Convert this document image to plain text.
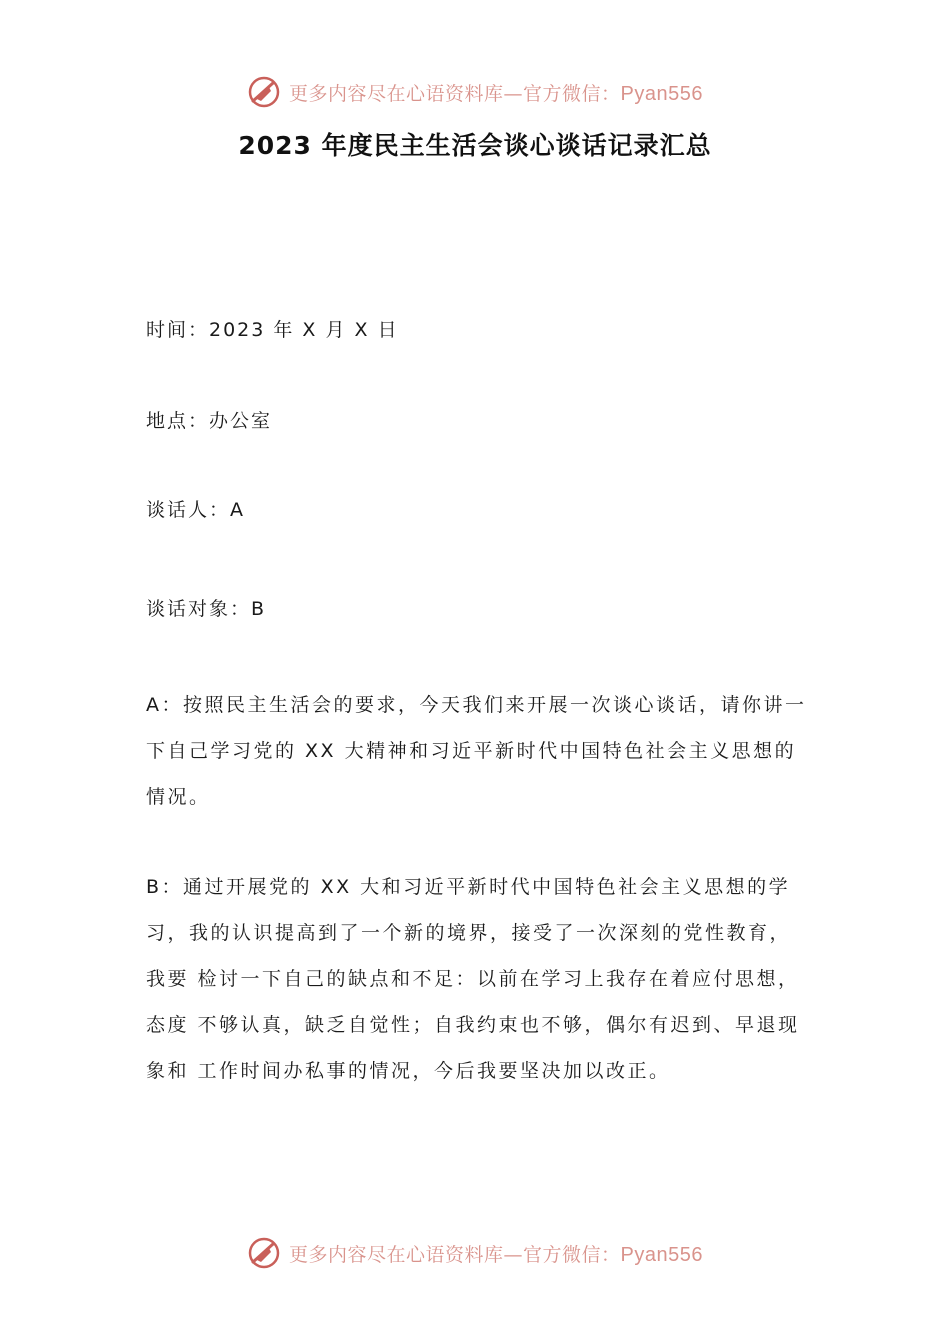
更多内容尽在心语资料库—官方微信：Pyan556
2023 年度民主生活会谈心谈话记录汇总
时间：2023 年 X 月 X 日
地点：办公室
谈话人：A
谈话对象：B
A：按照民主生活会的要求，今天我们来开展一次谈心谈话，请你讲一下自己学习党的 XX 大精神和习近平新时代中国特色社会主义思想的情况。
B：通过开展党的 XX 大和习近平新时代中国特色社会主义思想的学习，我的认识提高到了一个新的境界，接受了一次深刻的党性教育，我要 检讨一下自己的缺点和不足：以前在学习上我存在着应付思想，态度 不够认真，缺乏自觉性；自我约束也不够，偶尔有迟到、早退现象和 工作时间办私事的情况，今后我要坚决加以改正。
更多内容尽在心语资料库—官方微信：Pyan556
